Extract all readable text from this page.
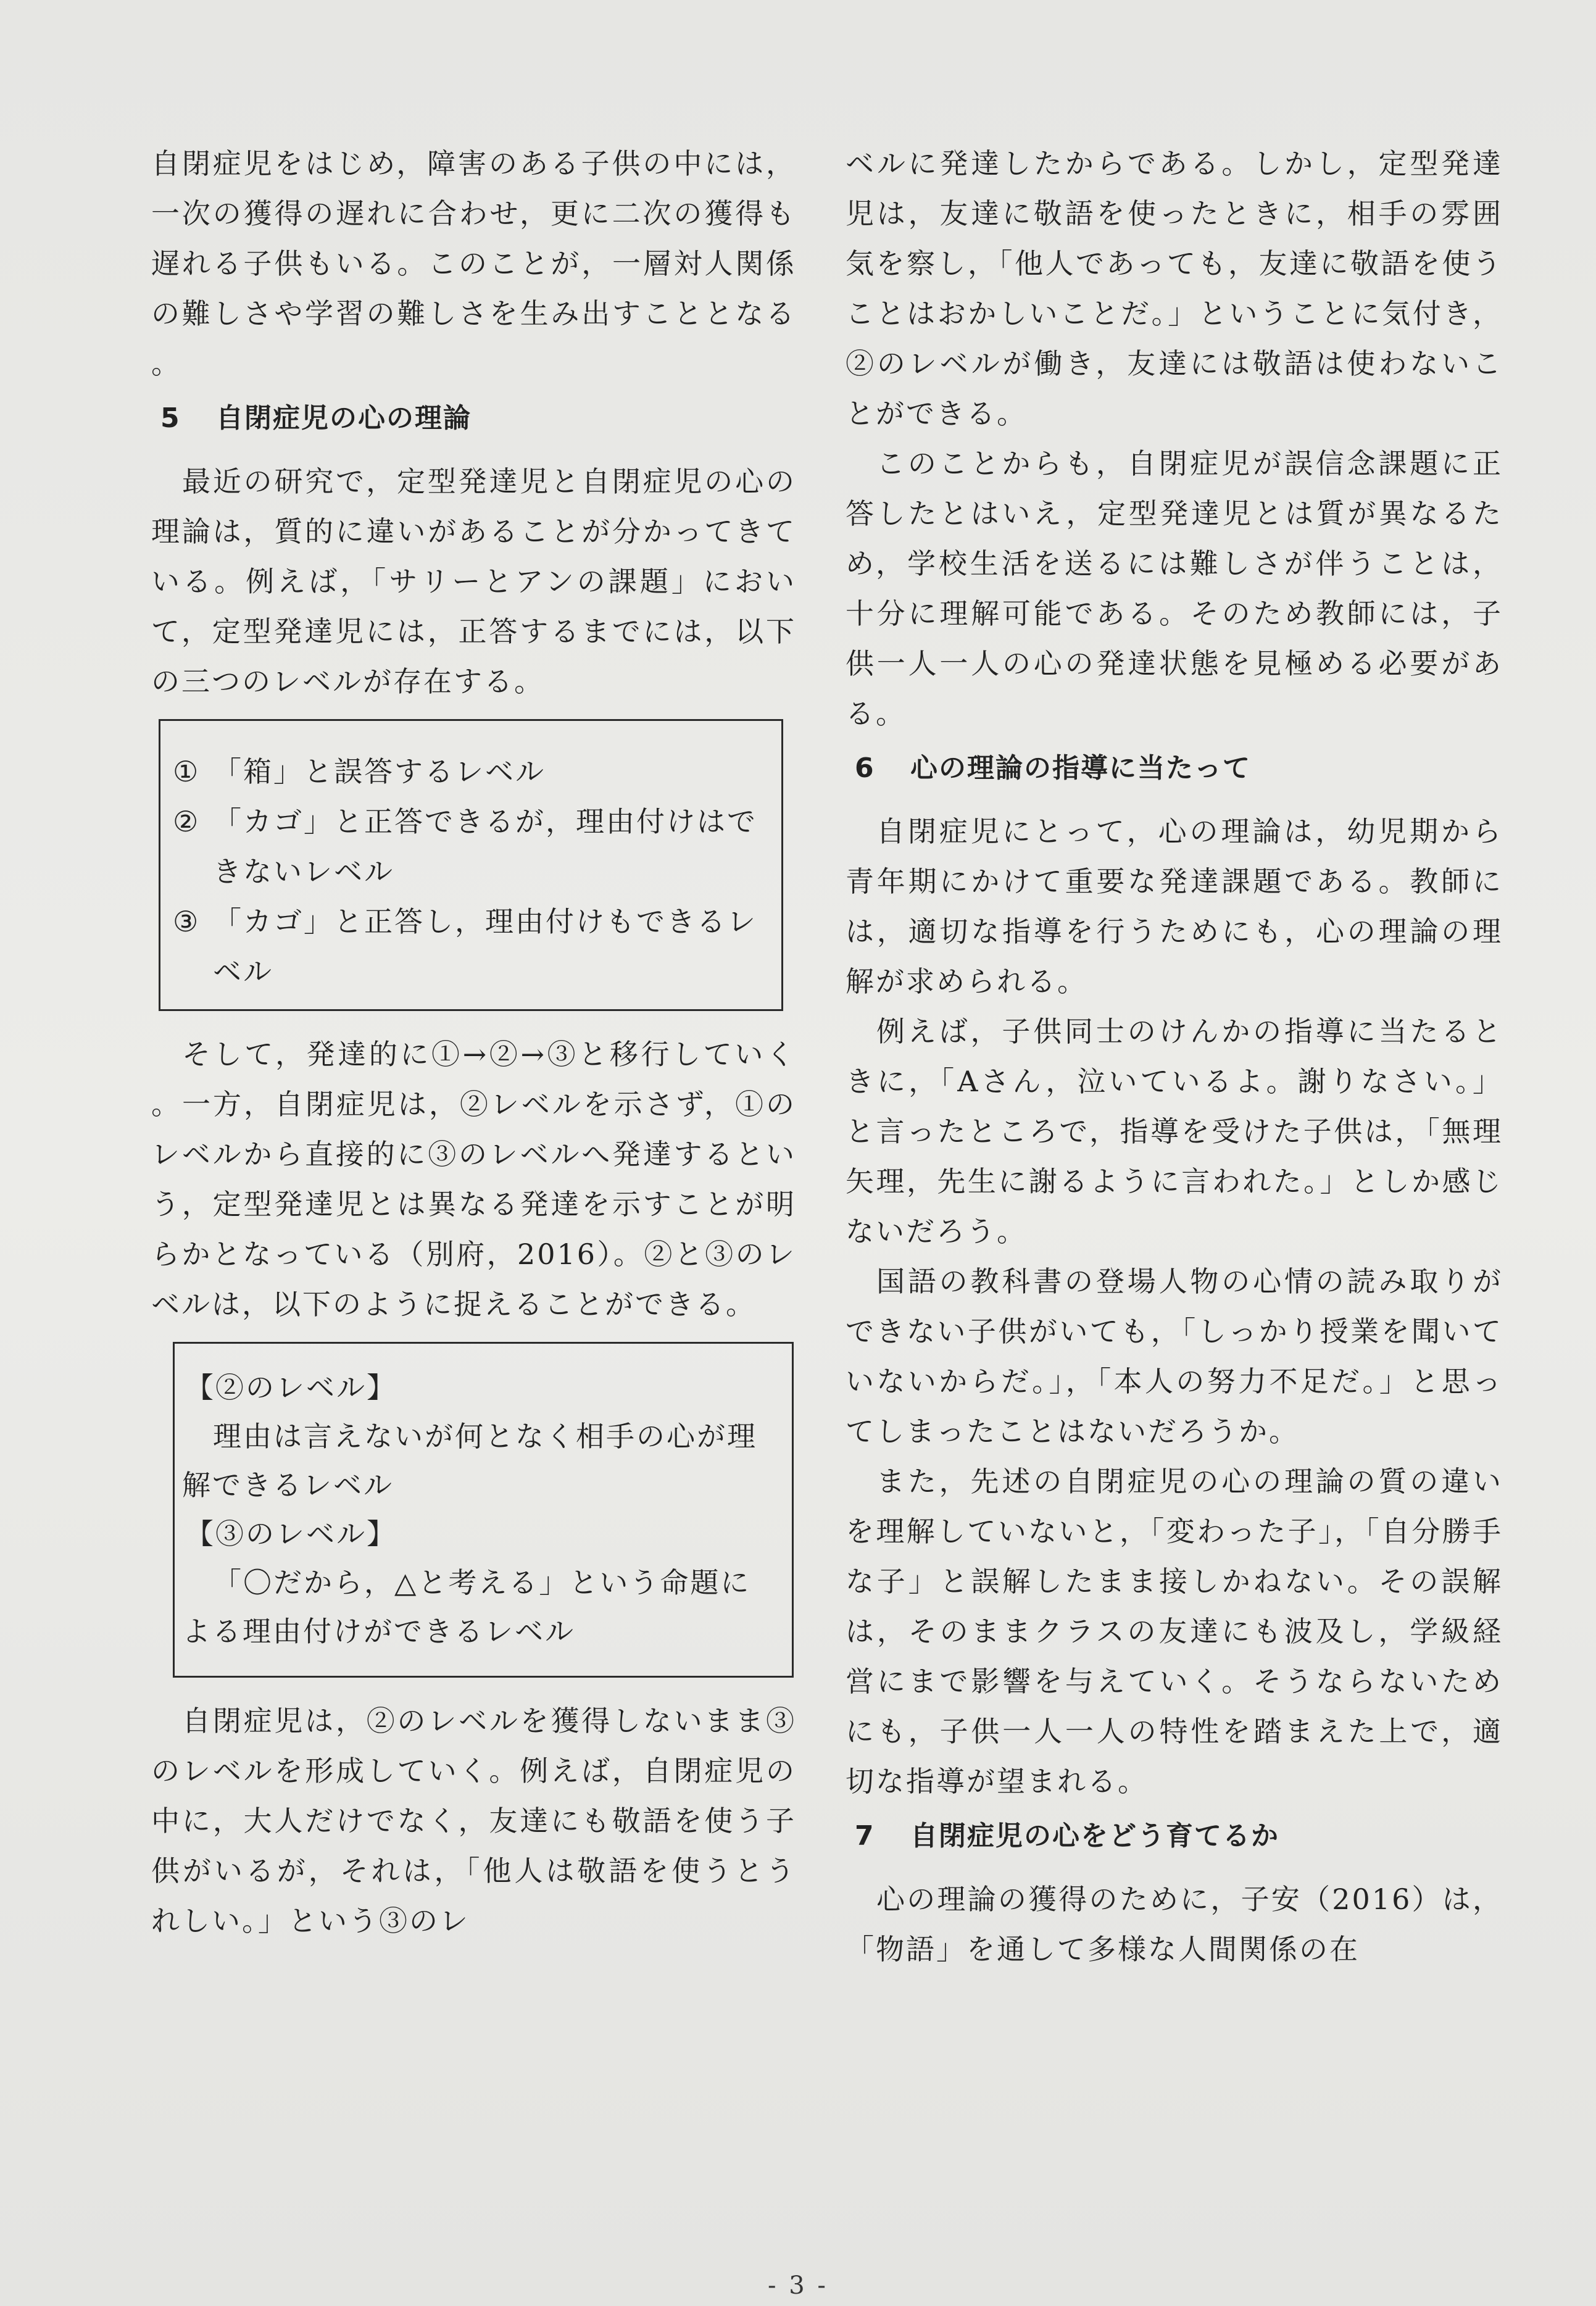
自閉症児をはじめ，障害のある子供の中には，一次の獲得の遅れに合わせ，更に二次の獲得も遅れる子供もいる。このことが，一層対人関係の難しさや学習の難しさを生み出すこととなる。

5 自閉症児の心の理論

最近の研究で，定型発達児と自閉症児の心の理論は，質的に違いがあることが分かってきている。例えば，「サリーとアンの課題」において，定型発達児には，正答するまでには，以下の三つのレベルが存在する。

① 「箱」と誤答するレベル
② 「カゴ」と正答できるが，理由付けはできないレベル
③ 「カゴ」と正答し，理由付けもできるレベル

そして，発達的に①→②→③と移行していく。一方，自閉症児は，②レベルを示さず，①のレベルから直接的に③のレベルへ発達するという，定型発達児とは異なる発達を示すことが明らかとなっている（別府，2016）。②と③のレベルは，以下のように捉えることができる。

【②のレベル】
理由は言えないが何となく相手の心が理解できるレベル
【③のレベル】
「〇だから，△と考える」という命題による理由付けができるレベル

自閉症児は，②のレベルを獲得しないまま③のレベルを形成していく。例えば，自閉症児の中に，大人だけでなく，友達にも敬語を使う子供がいるが，それは，「他人は敬語を使うとうれしい。」という③のレ

ベルに発達したからである。しかし，定型発達児は，友達に敬語を使ったときに，相手の雰囲気を察し，「他人であっても，友達に敬語を使うことはおかしいことだ。」ということに気付き，②のレベルが働き，友達には敬語は使わないことができる。

このことからも，自閉症児が誤信念課題に正答したとはいえ，定型発達児とは質が異なるため，学校生活を送るには難しさが伴うことは，十分に理解可能である。そのため教師には，子供一人一人の心の発達状態を見極める必要がある。

6 心の理論の指導に当たって

自閉症児にとって，心の理論は，幼児期から青年期にかけて重要な発達課題である。教師には，適切な指導を行うためにも，心の理論の理解が求められる。

例えば，子供同士のけんかの指導に当たるときに，「Aさん，泣いているよ。謝りなさい。」と言ったところで，指導を受けた子供は，「無理矢理，先生に謝るように言われた。」としか感じないだろう。

国語の教科書の登場人物の心情の読み取りができない子供がいても，「しっかり授業を聞いていないからだ。」，「本人の努力不足だ。」と思ってしまったことはないだろうか。

また，先述の自閉症児の心の理論の質の違いを理解していないと，「変わった子」，「自分勝手な子」と誤解したまま接しかねない。その誤解は，そのままクラスの友達にも波及し，学級経営にまで影響を与えていく。そうならないためにも，子供一人一人の特性を踏まえた上で，適切な指導が望まれる。

7 自閉症児の心をどう育てるか

心の理論の獲得のために，子安（2016）は，「物語」を通して多様な人間関係の在

- 3 -
